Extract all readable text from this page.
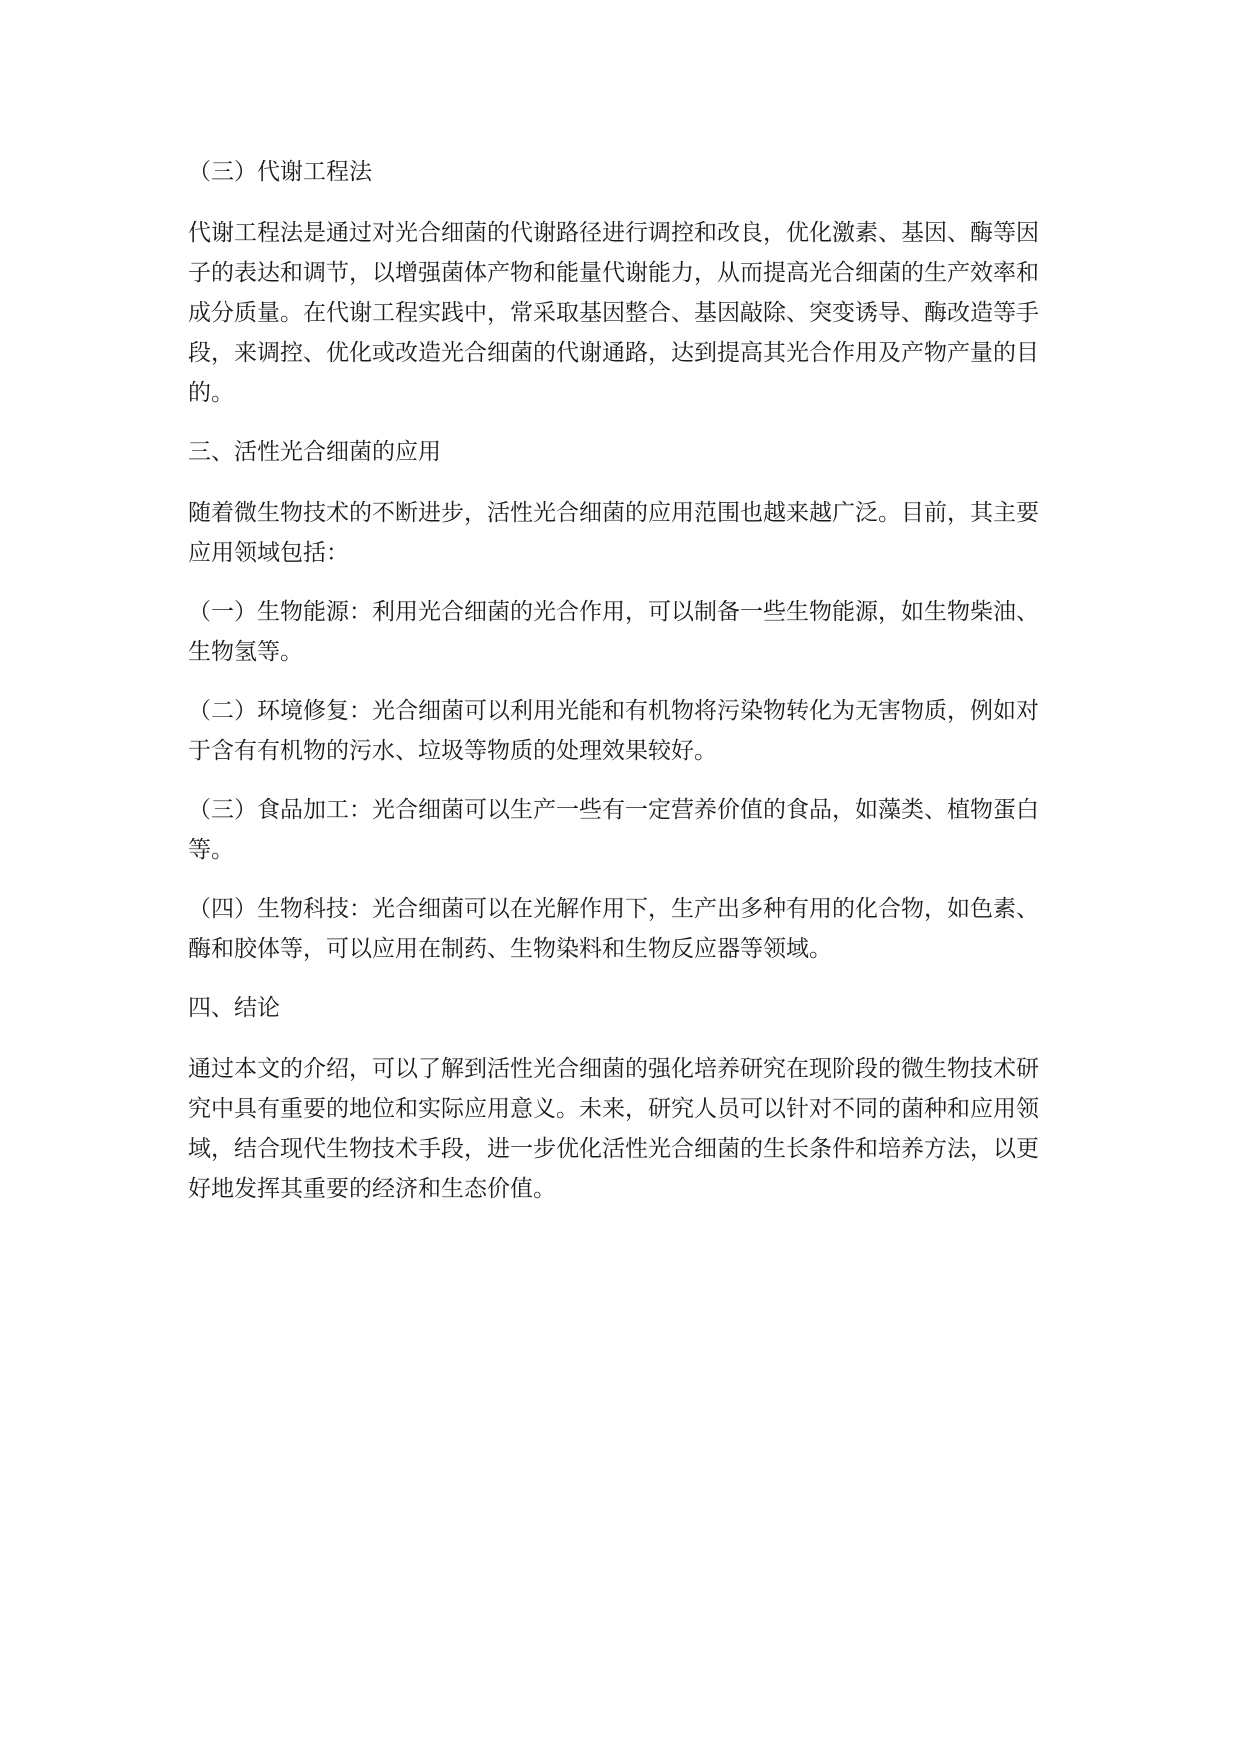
（三）代谢工程法
代谢工程法是通过对光合细菌的代谢路径进行调控和改良，优化激素、基因、酶等因子的表达和调节，以增强菌体产物和能量代谢能力，从而提高光合细菌的生产效率和成分质量。在代谢工程实践中，常采取基因整合、基因敲除、突变诱导、酶改造等手段，来调控、优化或改造光合细菌的代谢通路，达到提高其光合作用及产物产量的目的。
三、活性光合细菌的应用
随着微生物技术的不断进步，活性光合细菌的应用范围也越来越广泛。目前，其主要应用领域包括：
（一）生物能源：利用光合细菌的光合作用，可以制备一些生物能源，如生物柴油、生物氢等。
（二）环境修复：光合细菌可以利用光能和有机物将污染物转化为无害物质，例如对于含有有机物的污水、垃圾等物质的处理效果较好。
（三）食品加工：光合细菌可以生产一些有一定营养价值的食品，如藻类、植物蛋白等。
（四）生物科技：光合细菌可以在光解作用下，生产出多种有用的化合物，如色素、酶和胶体等，可以应用在制药、生物染料和生物反应器等领域。
四、结论
通过本文的介绍，可以了解到活性光合细菌的强化培养研究在现阶段的微生物技术研究中具有重要的地位和实际应用意义。未来，研究人员可以针对不同的菌种和应用领域，结合现代生物技术手段，进一步优化活性光合细菌的生长条件和培养方法，以更好地发挥其重要的经济和生态价值。
